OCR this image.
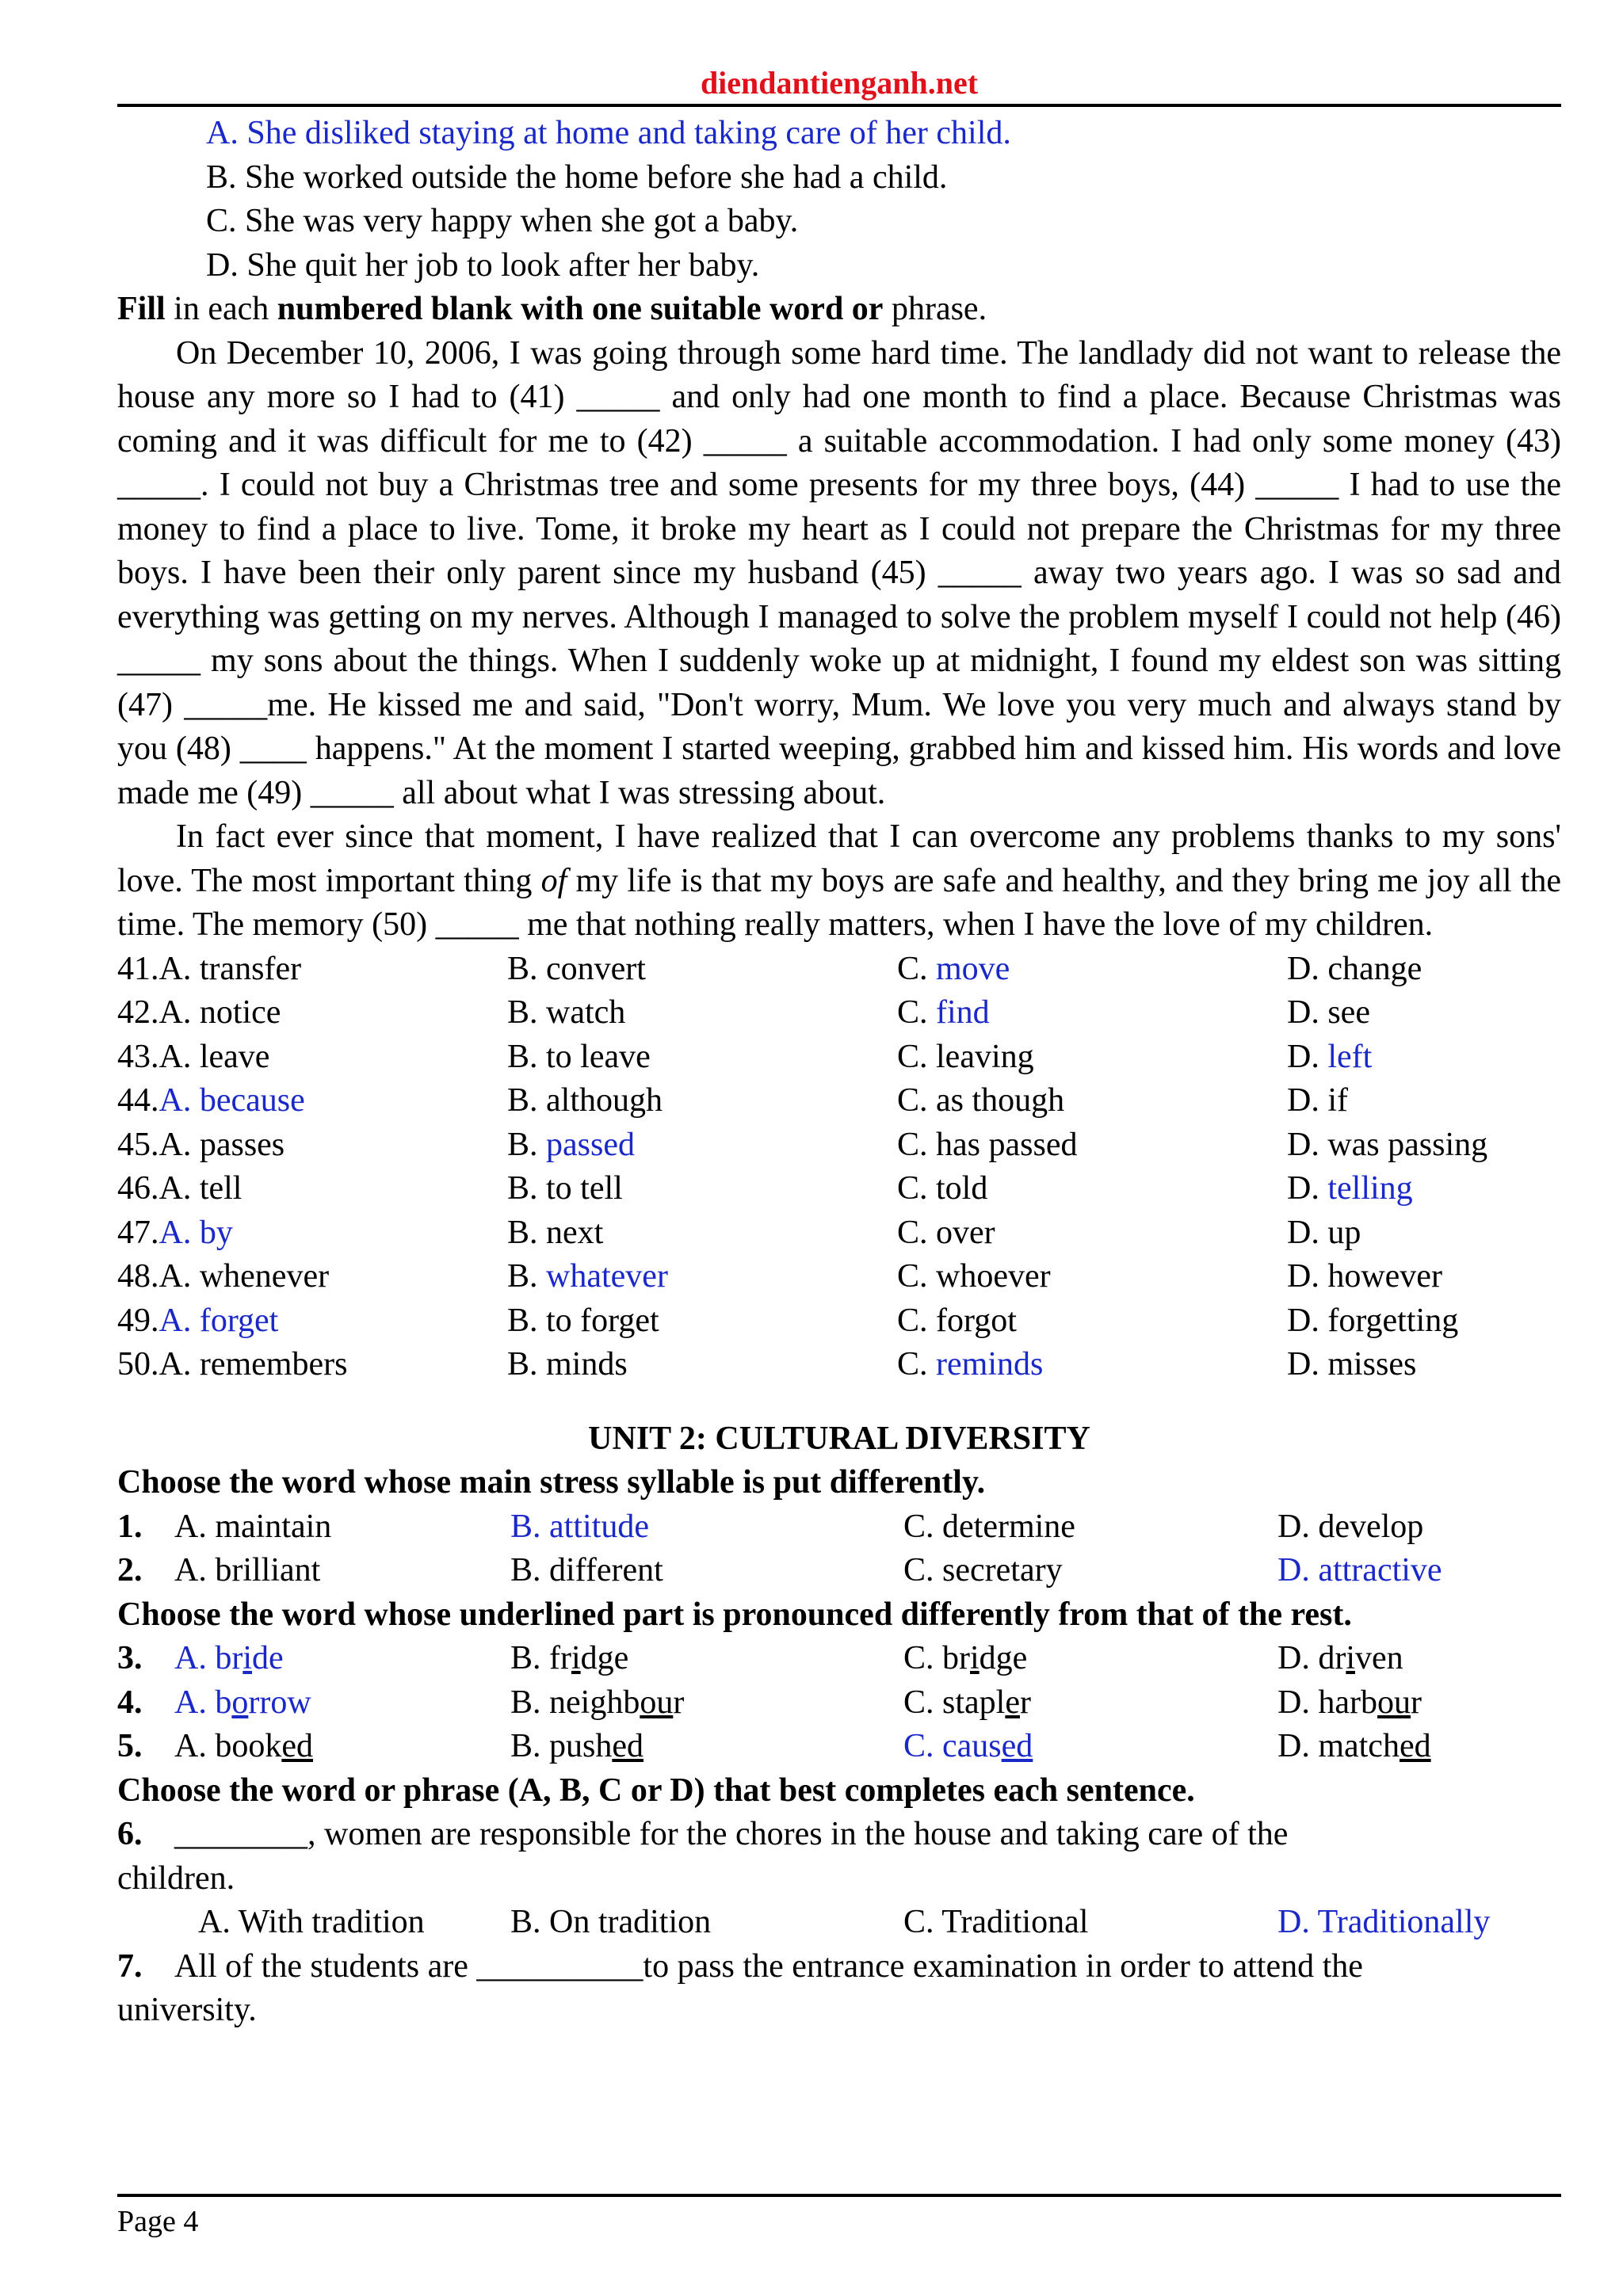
diendantienganh.net
A. She disliked staying at home and taking care of her child.
B. She worked outside the home before she had a child.
C. She was very happy when she got a baby.
D. She quit her job to look after her baby.
Fill in each numbered blank with one suitable word or phrase.
On December 10, 2006, I was going through some hard time. The landlady did not want to release the house any more so I had to (41) _____ and only had one month to find a place. Because Christmas was coming and it was difficult for me to (42) _____ a suitable accommodation. I had only some money (43) _____. I could not buy a Christmas tree and some presents for my three boys, (44) _____ I had to use the money to find a place to live. Tome, it broke my heart as I could not prepare the Christmas for my three boys. I have been their only parent since my husband (45) _____ away two years ago. I was so sad and everything was getting on my nerves. Although I managed to solve the problem myself I could not help (46) _____ my sons about the things. When I suddenly woke up at midnight, I found my eldest son was sitting (47) _____me. He kissed me and said, "Don't worry, Mum. We love you very much and always stand by you (48) ____ happens." At the moment I started weeping, grabbed him and kissed him. His words and love made me (49) _____ all about what I was stressing about.
In fact ever since that moment, I have realized that I can overcome any problems thanks to my sons' love. The most important thing of my life is that my boys are safe and healthy, and they bring me joy all the time. The memory (50) _____ me that nothing really matters, when I have the love of my children.
41.A. transfer	B. convert	C. move	D. change
42.A. notice	B. watch	C. find	D. see
43.A. leave	B. to leave	C. leaving	D. left
44.A. because	B. although	C. as though	D. if
45.A. passes	B. passed	C. has passed	D. was passing
46.A. tell	B. to tell	C. told	D. telling
47.A. by	B. next	C. over	D. up
48.A. whenever	B. whatever	C. whoever	D. however
49.A. forget	B. to forget	C. forgot	D. forgetting
50.A. remembers	B. minds	C. reminds	D. misses
UNIT 2: CULTURAL DIVERSITY
Choose the word whose main stress syllable is put differently.
1. A. maintain	B. attitude	C. determine	D. develop
2. A. brilliant	B. different	C. secretary	D. attractive
Choose the word whose underlined part is pronounced differently from that of the rest.
3. A. bride	B. fridge	C. bridge	D. driven
4. A. borrow	B. neighbour	C. stapler	D. harbour
5. A. booked	B. pushed	C. caused	D. matched
Choose the word or phrase (A, B, C or D) that best completes each sentence.
6. ________, women are responsible for the chores in the house and taking care of the
children.
A. With tradition	B. On tradition	C. Traditional	D. Traditionally
7. All of the students are __________to pass the entrance examination in order to attend the
university.
Page 4
